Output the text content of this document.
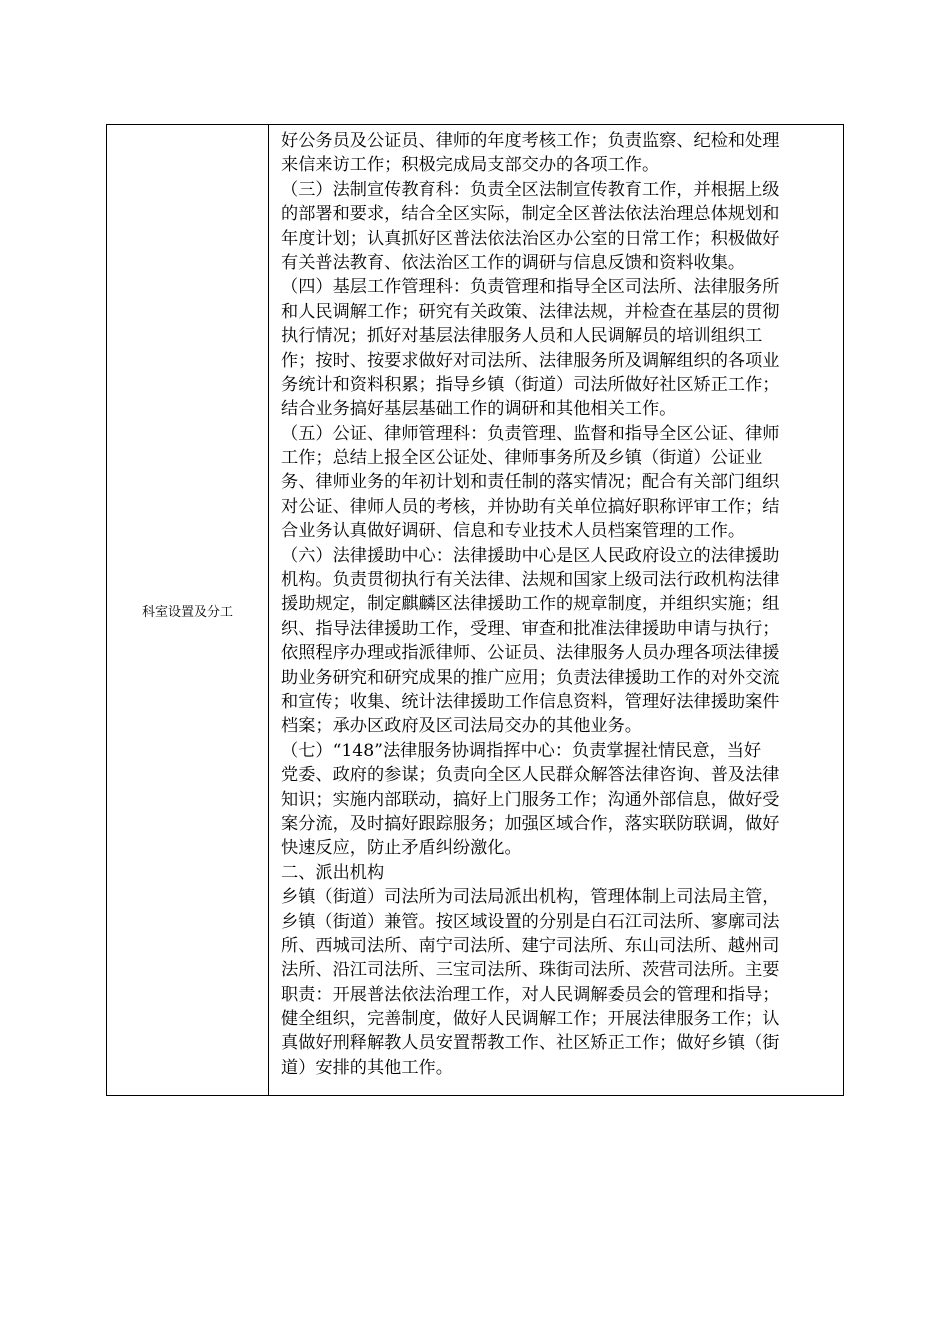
科室设置及分工
好公务员及公证员、律师的年度考核工作；负责监察、纪检和处理
来信来访工作；积极完成局支部交办的各项工作。
（三）法制宣传教育科：负责全区法制宣传教育工作，并根据上级
的部署和要求，结合全区实际，制定全区普法依法治理总体规划和
年度计划；认真抓好区普法依法治区办公室的日常工作；积极做好
有关普法教育、依法治区工作的调研与信息反馈和资料收集。
（四）基层工作管理科：负责管理和指导全区司法所、法律服务所
和人民调解工作；研究有关政策、法律法规，并检查在基层的贯彻
执行情况；抓好对基层法律服务人员和人民调解员的培训组织工
作；按时、按要求做好对司法所、法律服务所及调解组织的各项业
务统计和资料积累；指导乡镇（街道）司法所做好社区矫正工作；
结合业务搞好基层基础工作的调研和其他相关工作。
（五）公证、律师管理科：负责管理、监督和指导全区公证、律师
工作；总结上报全区公证处、律师事务所及乡镇（街道）公证业
务、律师业务的年初计划和责任制的落实情况；配合有关部门组织
对公证、律师人员的考核，并协助有关单位搞好职称评审工作；结
合业务认真做好调研、信息和专业技术人员档案管理的工作。
（六）法律援助中心：法律援助中心是区人民政府设立的法律援助
机构。负责贯彻执行有关法律、法规和国家上级司法行政机构法律
援助规定，制定麒麟区法律援助工作的规章制度，并组织实施；组
织、指导法律援助工作，受理、审查和批准法律援助申请与执行；
依照程序办理或指派律师、公证员、法律服务人员办理各项法律援
助业务研究和研究成果的推广应用；负责法律援助工作的对外交流
和宣传；收集、统计法律援助工作信息资料，管理好法律援助案件
档案；承办区政府及区司法局交办的其他业务。
（七）“148”法律服务协调指挥中心：负责掌握社情民意，当好
党委、政府的参谋；负责向全区人民群众解答法律咨询、普及法律
知识；实施内部联动，搞好上门服务工作；沟通外部信息，做好受
案分流，及时搞好跟踪服务；加强区域合作，落实联防联调，做好
快速反应，防止矛盾纠纷激化。
二、派出机构
乡镇（街道）司法所为司法局派出机构，管理体制上司法局主管，
乡镇（街道）兼管。按区域设置的分别是白石江司法所、寥廓司法
所、西城司法所、南宁司法所、建宁司法所、东山司法所、越州司
法所、沿江司法所、三宝司法所、珠街司法所、茨营司法所。主要
职责：开展普法依法治理工作，对人民调解委员会的管理和指导；
健全组织，完善制度，做好人民调解工作；开展法律服务工作；认
真做好刑释解教人员安置帮教工作、社区矫正工作；做好乡镇（街
道）安排的其他工作。
